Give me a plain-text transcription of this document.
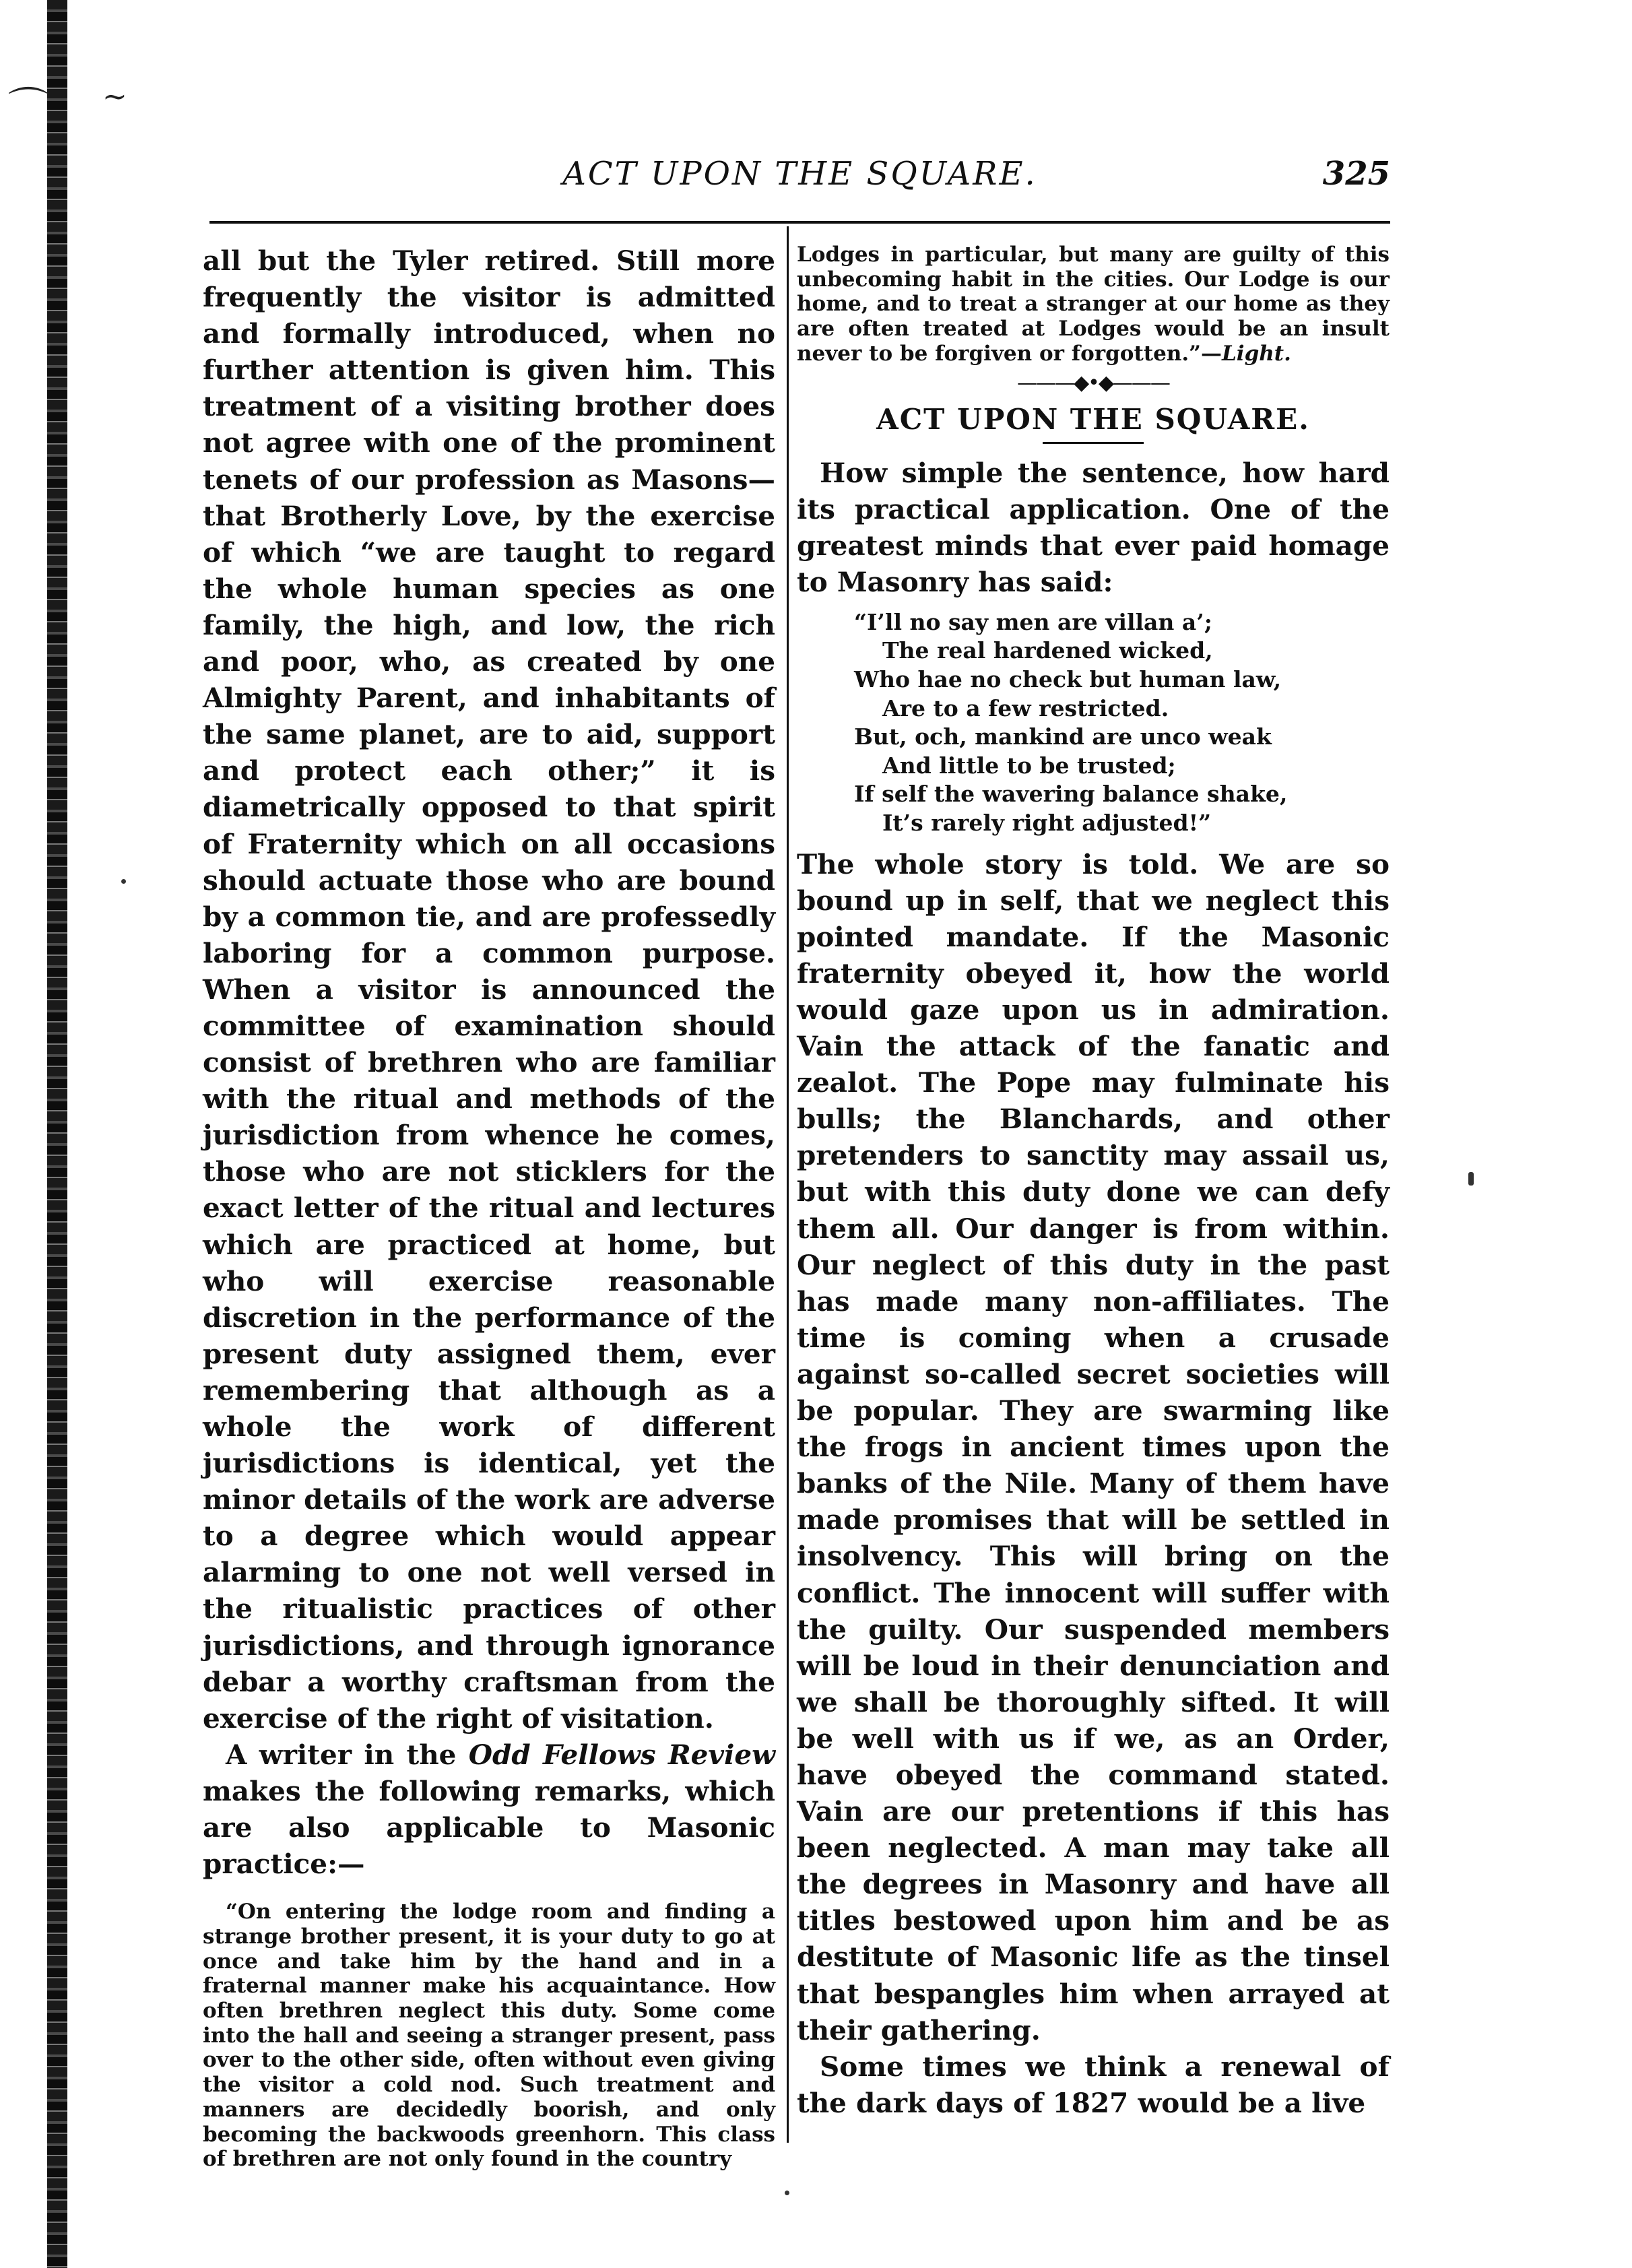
⌒ ~
ACT UPON THE SQUARE.	325

all but the Tyler retired. Still more frequently the visitor is admitted and formally introduced, when no further attention is given him. This treatment of a visiting brother does not agree with one of the prominent tenets of our profession as Masons—that Brotherly Love, by the exercise of which “we are taught to regard the whole human species as one family, the high, and low, the rich and poor, who, as created by one Almighty Parent, and inhabitants of the same planet, are to aid, support and protect each other;” it is diametrically opposed to that spirit of Fraternity which on all occasions should actuate those who are bound by a common tie, and are professedly laboring for a common purpose. When a visitor is announced the committee of examination should consist of brethren who are familiar with the ritual and methods of the jurisdiction from whence he comes, those who are not sticklers for the exact letter of the ritual and lectures which are practiced at home, but who will exercise reasonable discretion in the performance of the present duty assigned them, ever remembering that although as a whole the work of different jurisdictions is identical, yet the minor details of the work are adverse to a degree which would appear alarming to one not well versed in the ritualistic practices of other jurisdictions, and through ignorance debar a worthy craftsman from the exercise of the right of visitation.

A writer in the Odd Fellows Review makes the following remarks, which are also applicable to Masonic practice:—

“On entering the lodge room and finding a strange brother present, it is your duty to go at once and take him by the hand and in a fraternal manner make his acquaintance. How often brethren neglect this duty. Some come into the hall and seeing a stranger present, pass over to the other side, often without even giving the visitor a cold nod. Such treatment and manners are decidedly boorish, and only becoming the backwoods greenhorn. This class of brethren are not only found in the country

Lodges in particular, but many are guilty of this unbecoming habit in the cities. Our Lodge is our home, and to treat a stranger at our home as they are often treated at Lodges would be an insult never to be forgiven or forgotten.”—Light.

———◆•◆———
ACT UPON THE SQUARE.

How simple the sentence, how hard its practical application. One of the greatest minds that ever paid homage to Masonry has said:

“I’ll no say men are villan a’;
The real hardened wicked,
Who hae no check but human law,
Are to a few restricted.
But, och, mankind are unco weak
And little to be trusted;
If self the wavering balance shake,
It’s rarely right adjusted!”

The whole story is told. We are so bound up in self, that we neglect this pointed mandate. If the Masonic fraternity obeyed it, how the world would gaze upon us in admiration. Vain the attack of the fanatic and zealot. The Pope may fulminate his bulls; the Blanchards, and other pretenders to sanctity may assail us, but with this duty done we can defy them all. Our danger is from within. Our neglect of this duty in the past has made many non-affiliates. The time is coming when a crusade against so-called secret societies will be popular. They are swarming like the frogs in ancient times upon the banks of the Nile. Many of them have made promises that will be settled in insolvency. This will bring on the conflict. The innocent will suffer with the guilty. Our suspended members will be loud in their denunciation and we shall be thoroughly sifted. It will be well with us if we, as an Order, have obeyed the command stated. Vain are our pretentions if this has been neglected. A man may take all the degrees in Masonry and have all titles bestowed upon him and be as destitute of Masonic life as the tinsel that bespangles him when arrayed at their gathering.

Some times we think a renewal of the dark days of 1827 would be a live
